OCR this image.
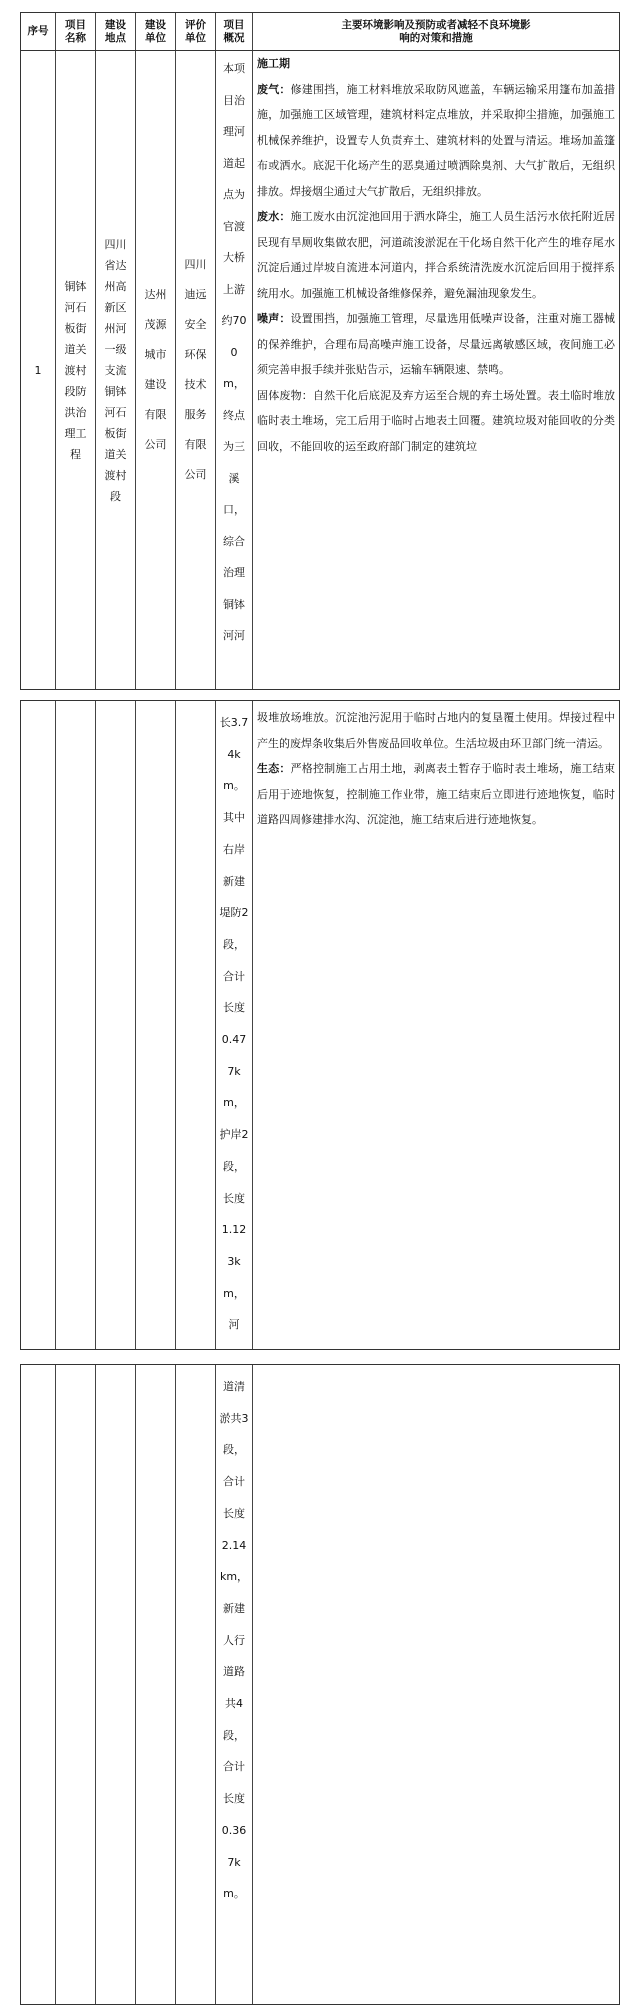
序号
项目名称
建设地点
建设单位
评价单位
项目概况
主要环境影响及预防或者减轻不良环境影响的对策和措施
1
铜钵河石板街道关渡村段防洪治理工程
四川省达州高新区州河一级支流铜钵河石板街道关渡村段
达州茂源城市建设有限公司
四川迪远安全环保技术服务有限公司
本项目治理河道起点为官渡大桥上游约700m，终点为三溪口，综合治理铜钵河河

施工期

废气：修建围挡，施工材料堆放采取防风遮盖，车辆运输采用篷布加盖措施，加强施工区域管理，建筑材料定点堆放，并采取抑尘措施，加强施工机械保养维护，设置专人负责弃土、建筑材料的处置与清运。堆场加盖篷布或洒水。底泥干化场产生的恶臭通过喷洒除臭剂、大气扩散后，无组织排放。焊接烟尘通过大气扩散后，无组织排放。

废水：施工废水由沉淀池回用于洒水降尘，施工人员生活污水依托附近居民现有旱厕收集做农肥，河道疏浚淤泥在干化场自然干化产生的堆存尾水沉淀后通过岸坡自流进本河道内，拌合系统清洗废水沉淀后回用于搅拌系统用水。加强施工机械设备维修保养，避免漏油现象发生。

噪声：设置围挡，加强施工管理，尽量选用低噪声设备，注重对施工器械的保养维护，合理布局高噪声施工设备，尽量远离敏感区域，夜间施工必须完善申报手续并张贴告示，运输车辆限速、禁鸣。

固体废物：自然干化后底泥及弃方运至合规的弃土场处置。表土临时堆放临时表土堆场，完工后用于临时占地表土回覆。建筑垃圾对能回收的分类回收，不能回收的运至政府部门制定的建筑垃

长3.74km。其中右岸新建堤防2段，合计长度0.477km，护岸2段，长度1.123km，河

圾堆放场堆放。沉淀池污泥用于临时占地内的复垦覆土使用。焊接过程中产生的废焊条收集后外售废品回收单位。生活垃圾由环卫部门统一清运。

生态：严格控制施工占用土地，剥离表土暂存于临时表土堆场，施工结束后用于迹地恢复，控制施工作业带，施工结束后立即进行迹地恢复，临时道路四周修建排水沟、沉淀池，施工结束后进行迹地恢复。

道清淤共3段，合计长度2.14km，新建人行道路共4段，合计长度0.367km。
